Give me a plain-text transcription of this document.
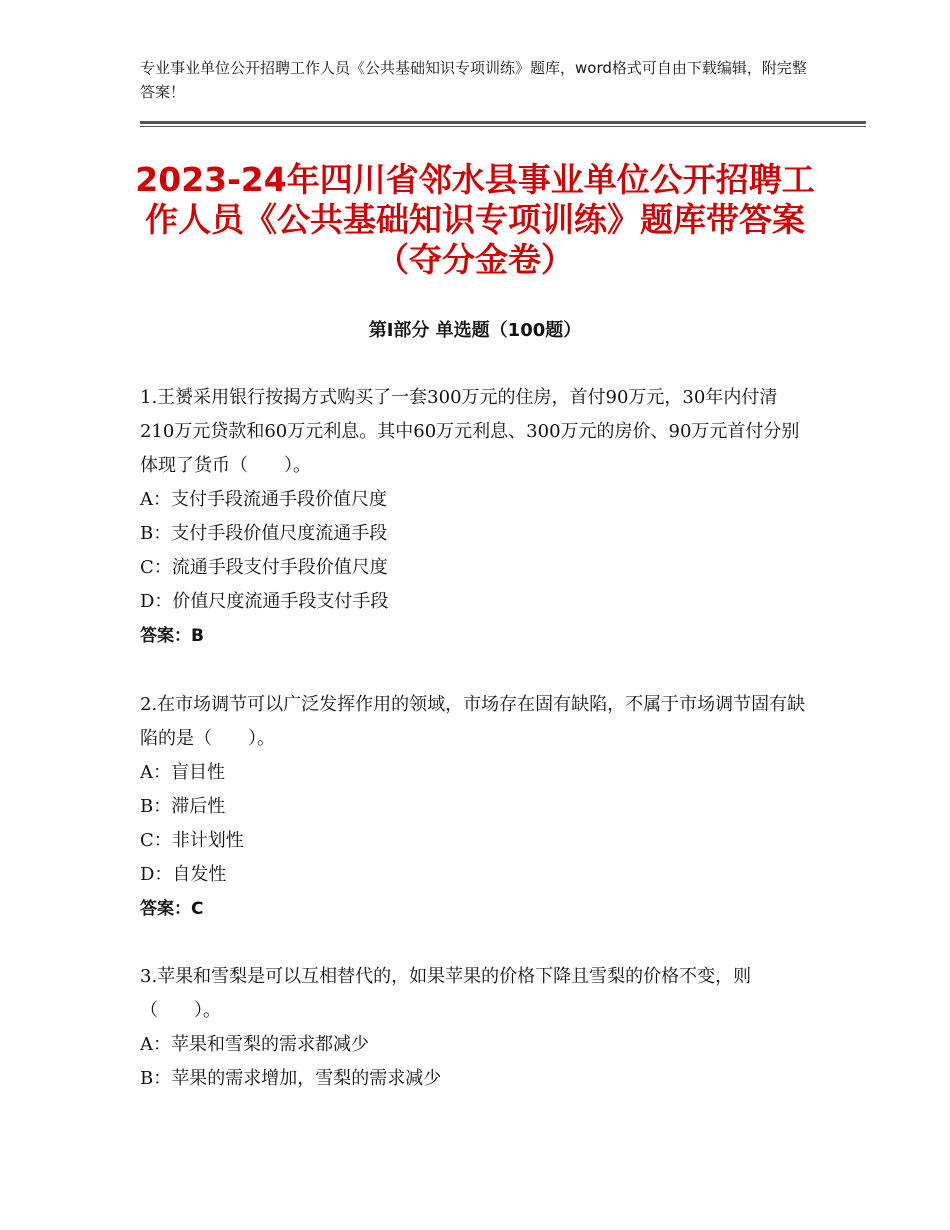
专业事业单位公开招聘工作人员《公共基础知识专项训练》题库，word格式可自由下载编辑，附完整答案！
2023-24年四川省邻水县事业单位公开招聘工作人员《公共基础知识专项训练》题库带答案（夺分金卷）
第Ⅰ部分 单选题（100题）
1.王赟采用银行按揭方式购买了一套300万元的住房，首付90万元，30年内付清210万元贷款和60万元利息。其中60万元利息、300万元的房价、90万元首付分别体现了货币（　　）。
A：支付手段流通手段价值尺度
B：支付手段价值尺度流通手段
C：流通手段支付手段价值尺度
D：价值尺度流通手段支付手段
答案：B
2.在市场调节可以广泛发挥作用的领域，市场存在固有缺陷，不属于市场调节固有缺陷的是（　　）。
A：盲目性
B：滞后性
C：非计划性
D：自发性
答案：C
3.苹果和雪梨是可以互相替代的，如果苹果的价格下降且雪梨的价格不变，则（　　）。
A：苹果和雪梨的需求都减少
B：苹果的需求增加，雪梨的需求减少
